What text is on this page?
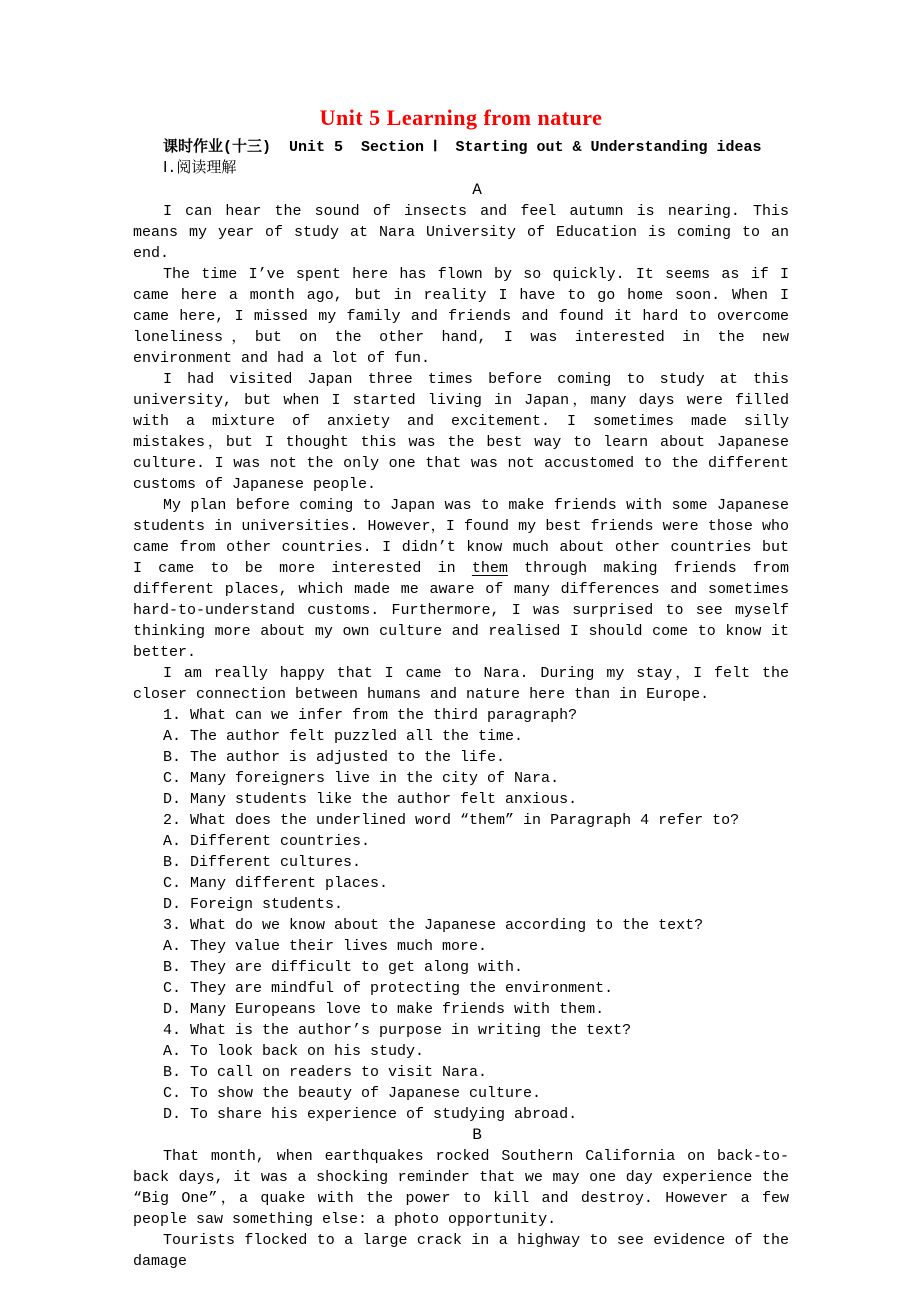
Unit 5 Learning from nature

课时作业(十三)  Unit 5  Section Ⅰ  Starting out & Understanding ideas

Ⅰ.阅读理解

A

I can hear the sound of insects and feel autumn is nearing. This means my year of study at Nara University of Education is coming to an end.

The time I’ve spent here has flown by so quickly. It seems as if I came here a month ago, but in reality I have to go home soon. When I came here, I missed my family and friends and found it hard to overcome loneliness，but on the other hand, I was interested in the new environment and had a lot of fun.

I had visited Japan three times before coming to study at this university, but when I started living in Japan，many days were filled with a mixture of anxiety and excitement. I sometimes made silly mistakes，but I thought this was the best way to learn about Japanese culture. I was not the only one that was not accustomed to the different customs of Japanese people.

My plan before coming to Japan was to make friends with some Japanese students in universities. However，I found my best friends were those who came from other countries. I didn’t know much about other countries but I came to be more interested in them through making friends from different places, which made me aware of many differences and sometimes hard-to-understand customs. Furthermore, I was surprised to see myself thinking more about my own culture and realised I should come to know it better.

I am really happy that I came to Nara. During my stay，I felt the closer connection between humans and nature here than in Europe.

1. What can we infer from the third paragraph?

A. The author felt puzzled all the time.

B. The author is adjusted to the life.

C. Many foreigners live in the city of Nara.

D. Many students like the author felt anxious.

2. What does the underlined word “them” in Paragraph 4 refer to?

A. Different countries.

B. Different cultures.

C. Many different places.

D. Foreign students.

3. What do we know about the Japanese according to the text?

A. They value their lives much more.

B. They are difficult to get along with.

C. They are mindful of protecting the environment.

D. Many Europeans love to make friends with them.

4. What is the author’s purpose in writing the text?

A. To look back on his study.

B. To call on readers to visit Nara.

C. To show the beauty of Japanese culture.

D. To share his experience of studying abroad.

B

That month, when earthquakes rocked Southern California on back-to-back days, it was a shocking reminder that we may one day experience the “Big One”，a quake with the power to kill and destroy. However a few people saw something else: a photo opportunity.

Tourists flocked to a large crack in a highway to see evidence of the damage
